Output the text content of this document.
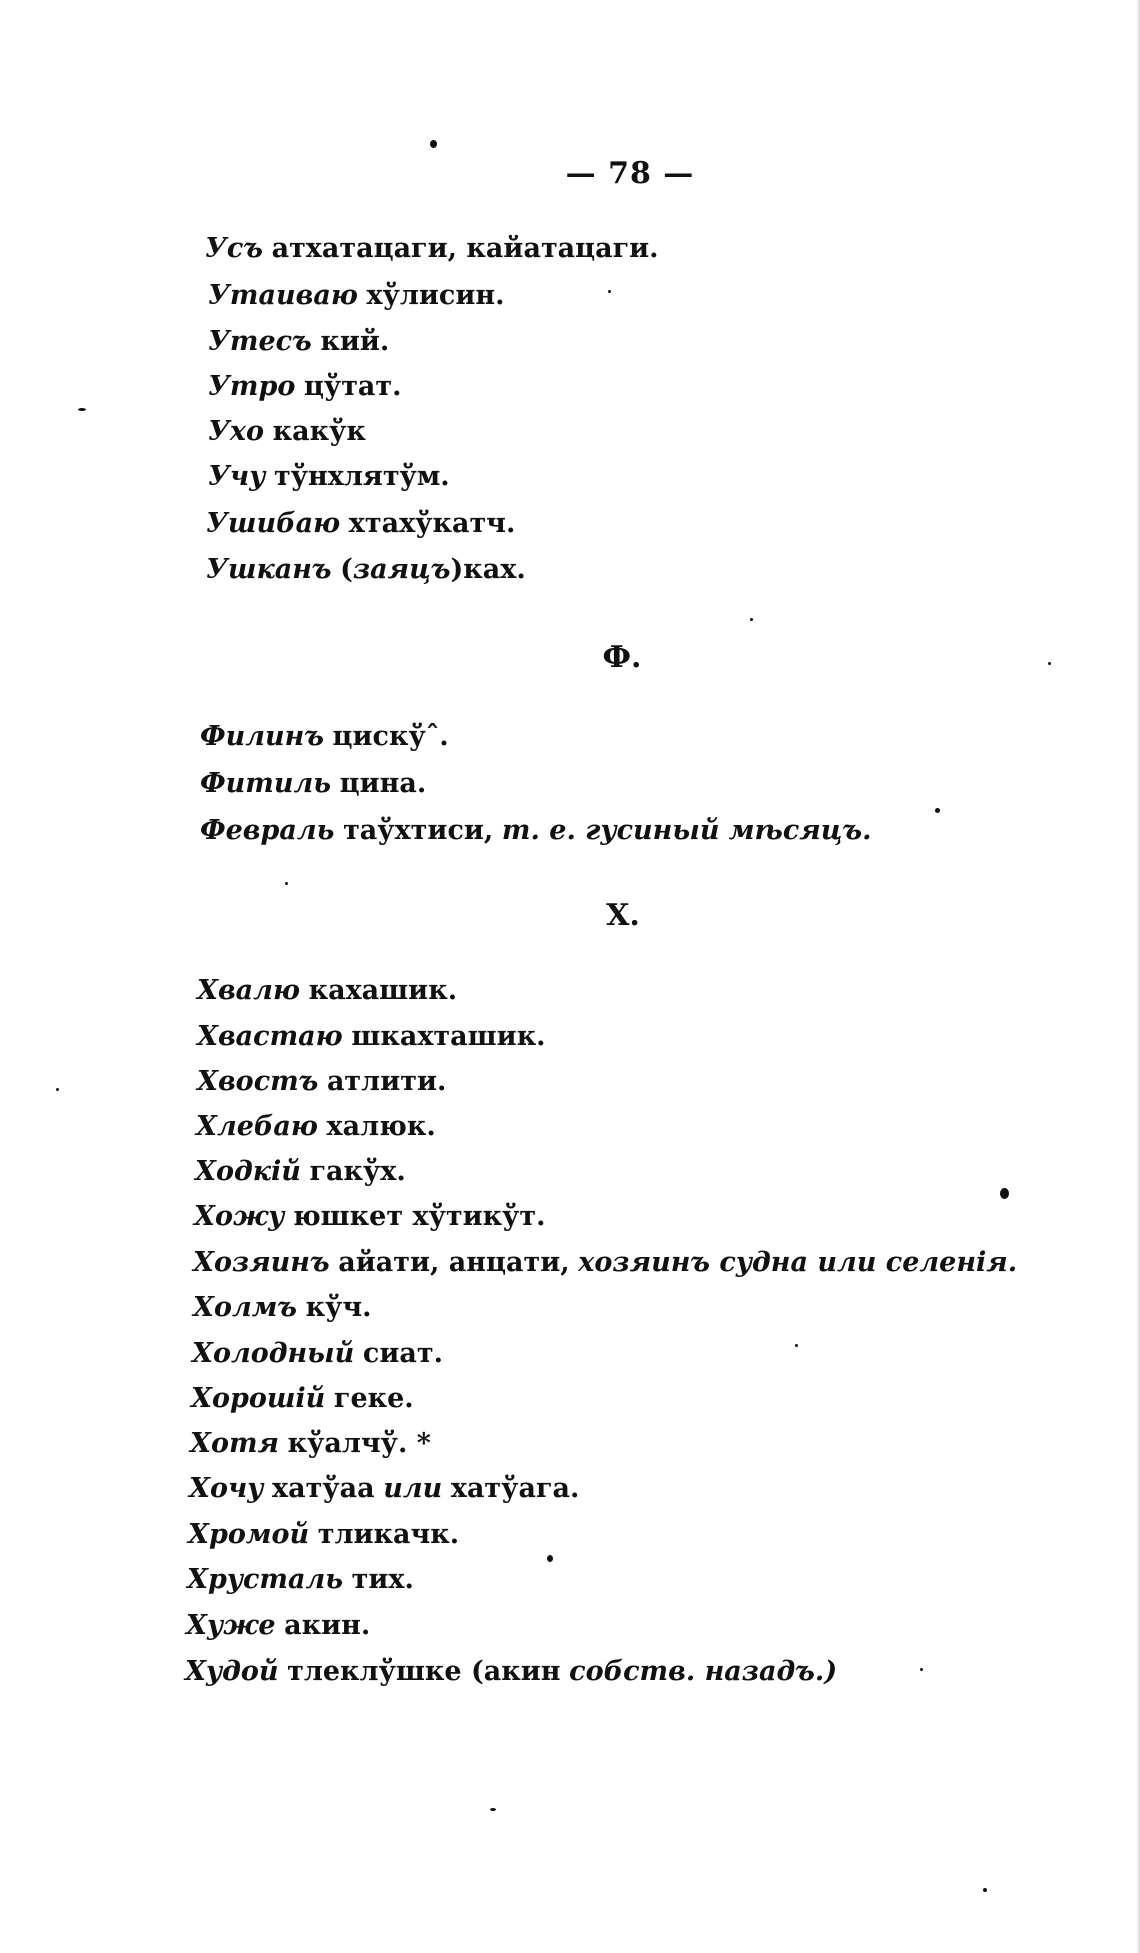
— 78 —
Усъ атхатацаги, кайатацаги.
Утаиваю хўлисин.
Утесъ кий.
Утро цўтат.
Ухо какўк
Учу тўнхлятўм.
Ушибаю хтахўкатч.
Ушканъ (заяцъ)ках.
Ф.
Филинъ цискўˆ.
Фитиль цина.
Февраль таўхтиси, т. е. гусиный мѣсяцъ.
Х.
Хвалю кахашик.
Хвастаю шкахташик.
Хвостъ атлити.
Хлебаю халюк.
Ходкій гакўх.
Хожу юшкет хўтикўт.
Хозяинъ айати, анцати, хозяинъ судна или селенія.
Холмъ кўч.
Холодный сиат.
Хорошій геке.
Хотя кўалчў. *
Хочу хатўаа или хатўага.
Хромой тликачк.
Хрусталь тих.
Хуже акин.
Худой тлеклўшке (акин собств. назадъ.)
